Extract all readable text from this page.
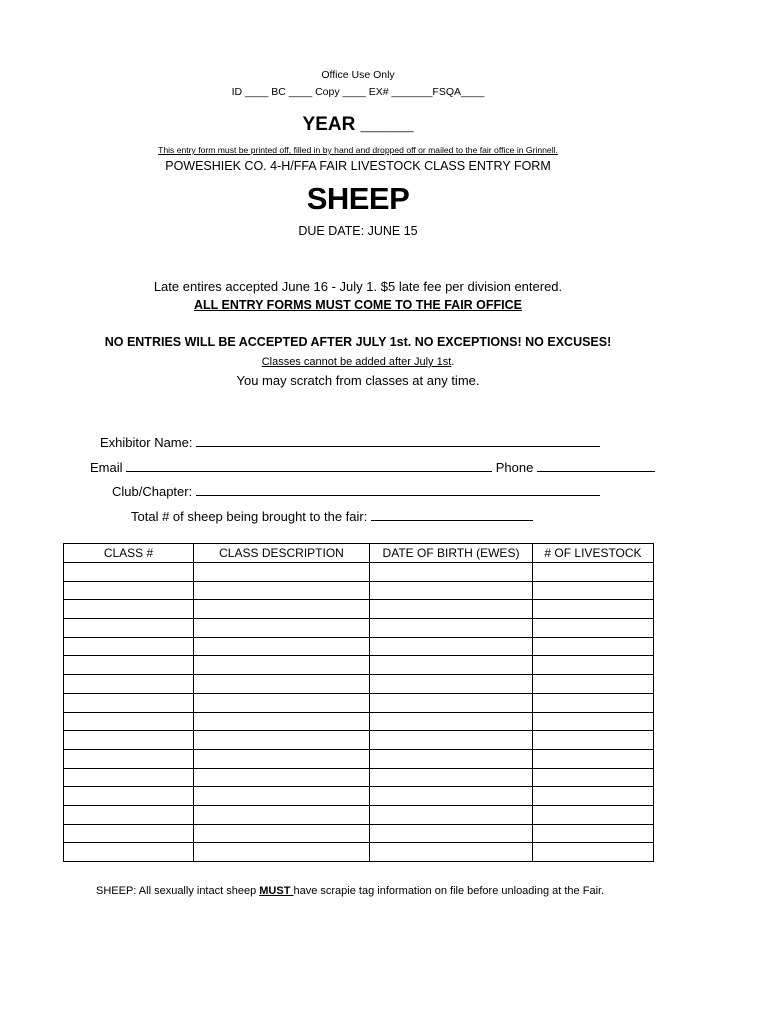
Office Use Only
ID ____ BC ____ Copy ____ EX# _______FSQA____
YEAR _____
This entry form must be printed off, filled in by hand and dropped off or mailed to the fair office in Grinnell.
POWESHIEK CO. 4-H/FFA FAIR LIVESTOCK CLASS ENTRY FORM
SHEEP
DUE DATE: JUNE 15
Late entires accepted June 16 - July 1. $5 late fee per division entered.
ALL ENTRY FORMS MUST COME TO THE FAIR OFFICE
NO ENTRIES WILL BE ACCEPTED AFTER JULY 1st. NO EXCEPTIONS! NO EXCUSES!
Classes cannot be added after July 1st.
You may scratch from classes at any time.
Exhibitor Name:
Email	Phone
Club/Chapter:
Total # of sheep being brought to the fair:
CLASS #	CLASS DESCRIPTION	DATE OF BIRTH (EWES)	# OF LIVESTOCK

SHEEP: All sexually intact sheep MUST have scrapie tag information on file before unloading at the Fair.
